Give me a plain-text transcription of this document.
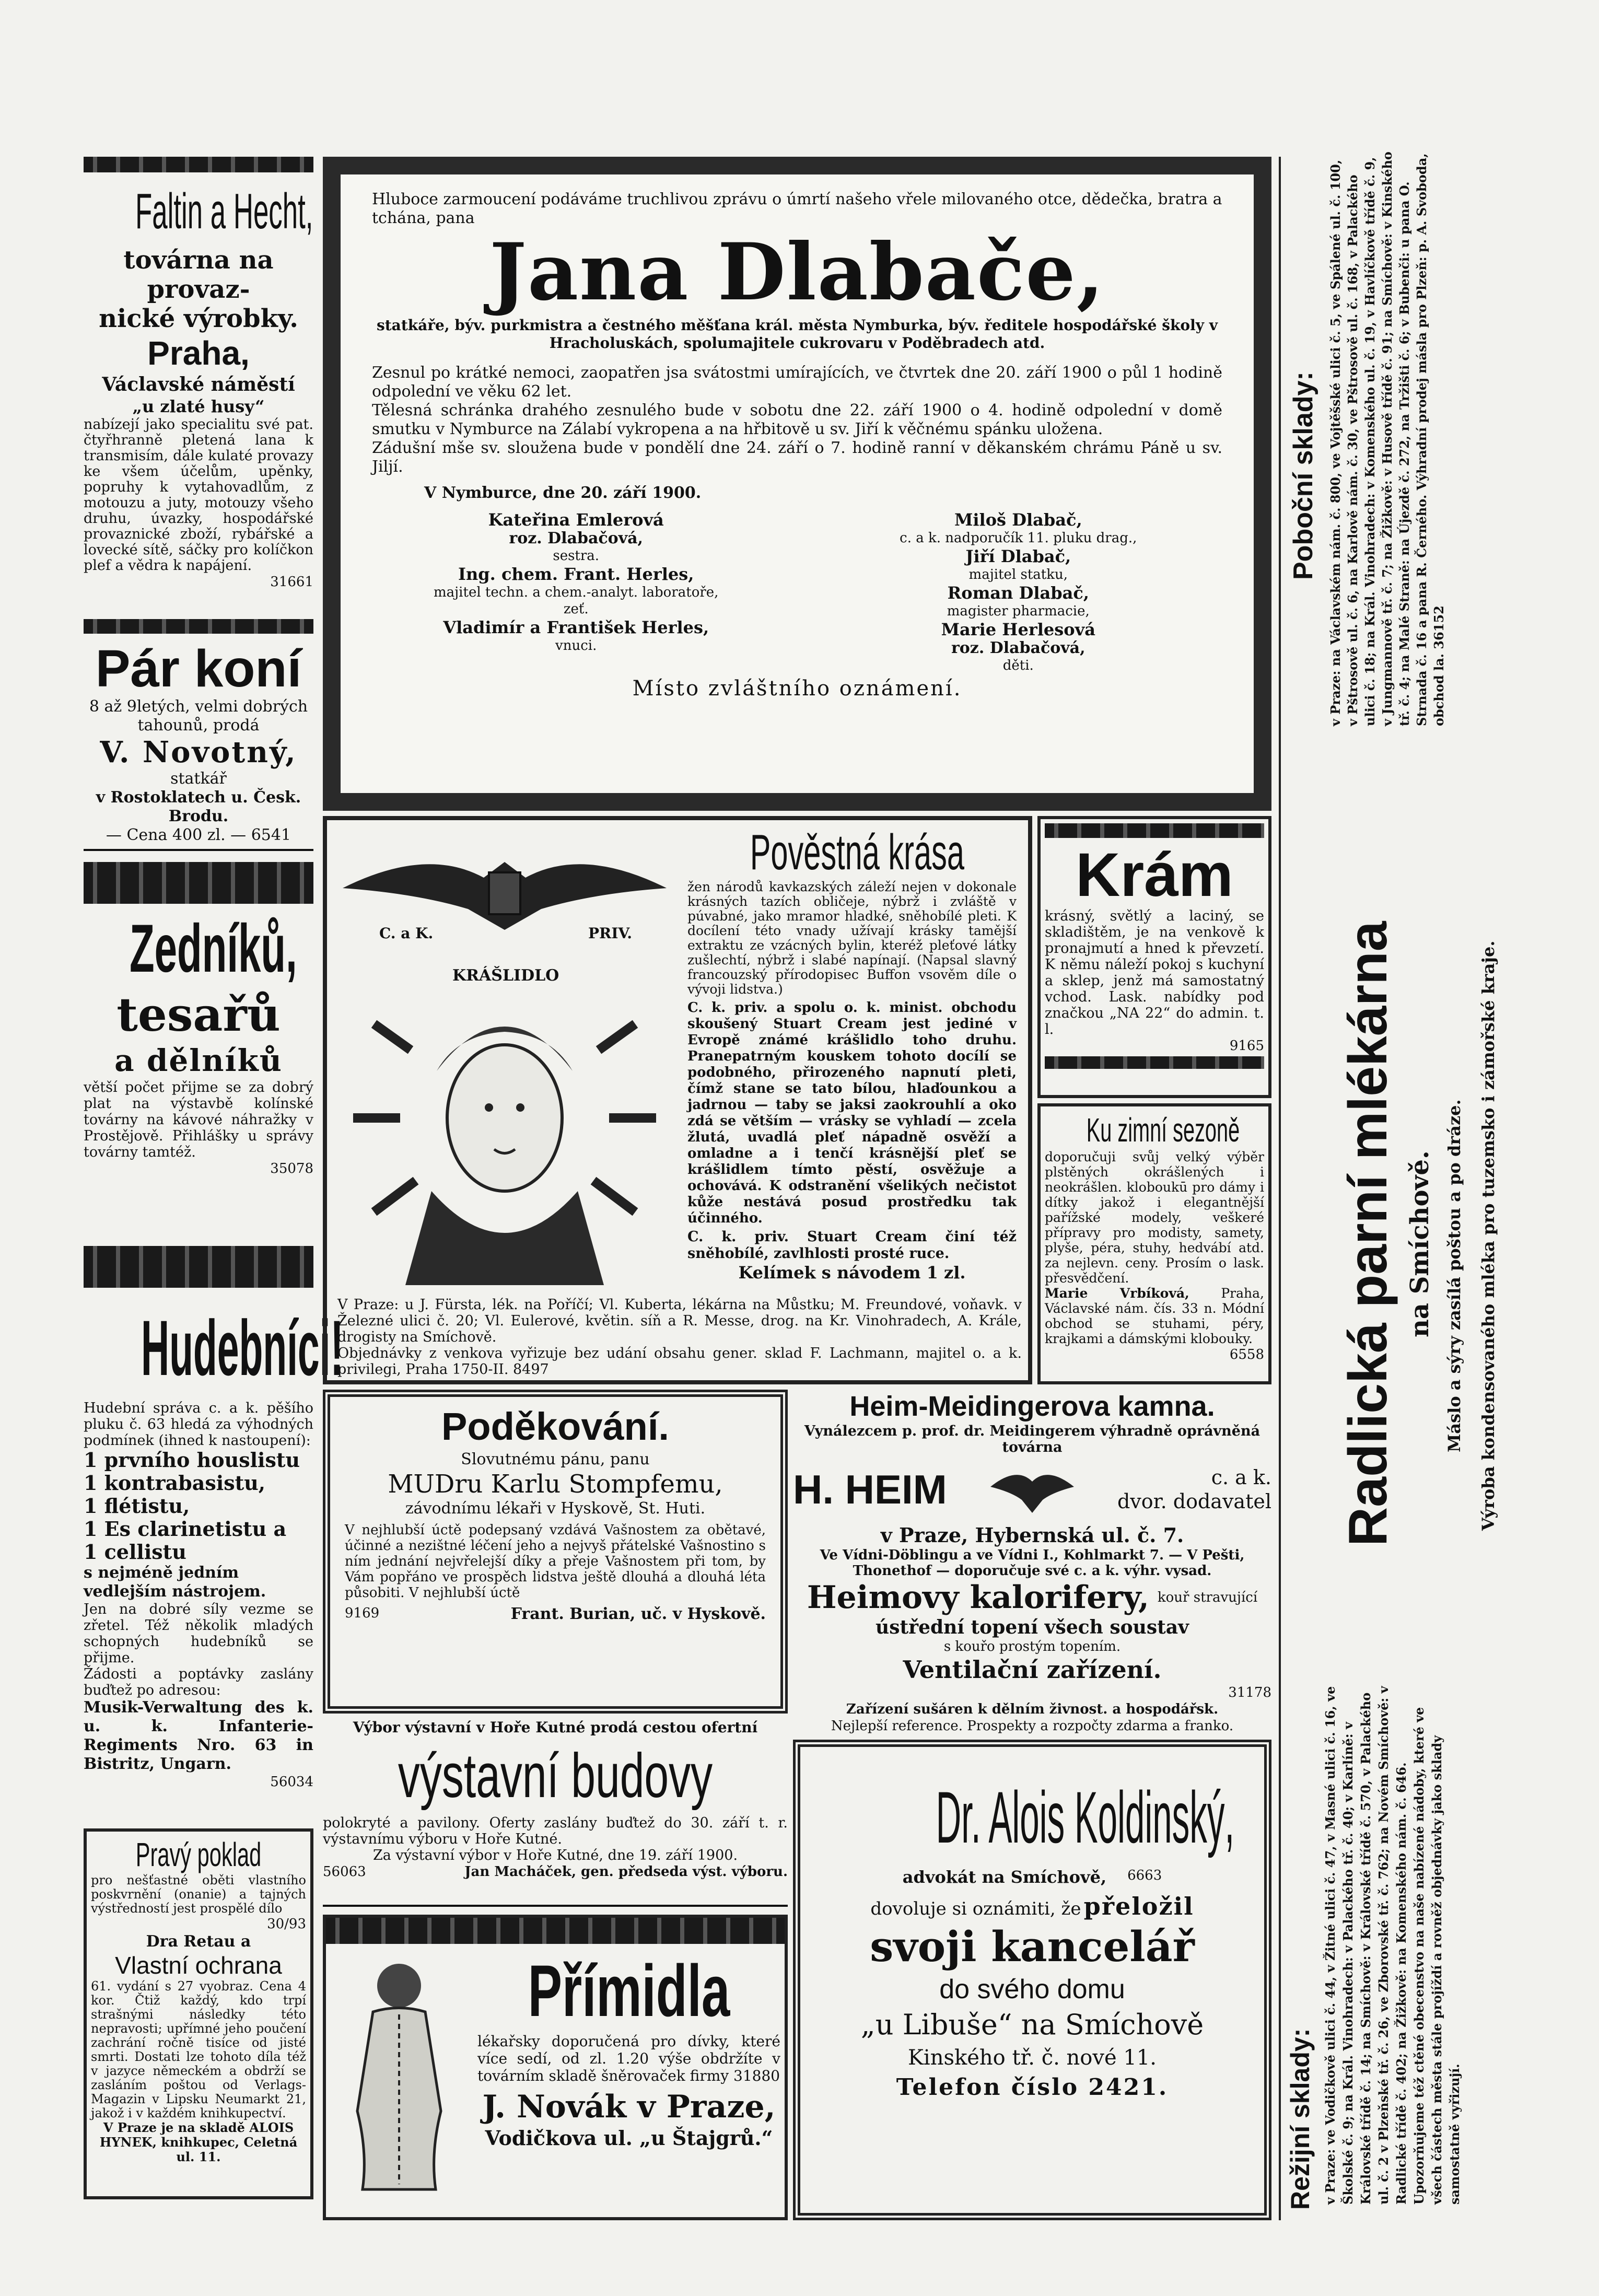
Faltin a Hecht,
továrna na provaz-
nické výrobky.
Praha,
Václavské náměstí
„u zlaté husy“
nabízejí jako specialitu své pat. čtyřhranně pletená lana k transmisím, dále kulaté provazy ke všem účelům, upěnky, popruhy k vytahovadlům, z motouzu a juty, motouzy všeho druhu, úvazky, hospodářské provaznické zboží, rybářské a lovecké sítě, sáčky pro kolíčkon plef a vědra k napájení.
31661
Pár koní
8 až 9letých, velmi dobrých tahounů, prodá
V. Novotný,
statkář
v Rostoklatech u. Česk. Brodu.
— Cena 400 zl. — 6541
Zedníků,
tesařů
a dělníků
větší počet přijme se za dobrý plat na výstavbě kolínské továrny na kávové náhražky v Prostějově. Přihlášky u správy továrny tamtéž.
35078
Hudebníci!
Hudební správa c. a k. pěšího pluku č. 63 hledá za výhodných podmínek (ihned k nastoupení):
1 prvního houslistu
1 kontrabasistu,
1 flétistu,
1 Es clarinetistu a
1 cellistu
s nejméně jedním vedlejším nástrojem.
Jen na dobré síly vezme se zřetel. Též několik mladých schopných hudebníků se přijme.
Žádosti a poptávky zaslány buďtež po adresou:
Musik-Verwaltung des k. u. k. Infanterie-Regiments Nro. 63 in Bistritz, Ungarn.
56034
Pravý poklad
pro nešťastné oběti vlastního poskvrnění (onanie) a tajných výstředností jest prospělé dílo
30/93
Dra Retau a
Vlastní ochrana
61. vydání s 27 vyobraz. Cena 4 kor. Čtiž každý, kdo trpí strašnými následky této nepravosti; upřímné jeho poučení zachrání ročně tisíce od jisté smrti. Dostati lze tohoto díla též v jazyce německém a obdrží se zasláním poštou od Verlags-Magazin v Lipsku Neumarkt 21, jakož i v každém knihkupectví.
V Praze je na skladě ALOIS HYNEK, knihkupec, Celetná ul. 11.
Hluboce zarmoucení podáváme truchlivou zprávu o úmrtí našeho vřele milovaného otce, dědečka, bratra a tchána, pana
Jana Dlabače,
statkáře, býv. purkmistra a čestného měšťana král. města Nymburka, býv. ředitele hospodářské školy v Hracholuskách, spolumajitele cukrovaru v Poděbradech atd.
Zesnul po krátké nemoci, zaopatřen jsa svátostmi umírajících, ve čtvrtek dne 20. září 1900 o půl 1 hodině odpolední ve věku 62 let.
Tělesná schránka drahého zesnulého bude v sobotu dne 22. září 1900 o 4. hodině odpolední v domě smutku v Nymburce na Zálabí vykropena a na hřbitově u sv. Jiří k věčnému spánku uložena.
Zádušní mše sv. sloužena bude v pondělí dne 24. září o 7. hodině ranní v děkanském chrámu Páně u sv. Jiljí.
V Nymburce, dne 20. září 1900.
Kateřina Emlerová
roz. Dlabačová,
sestra.
Ing. chem. Frant. Herles,
majitel techn. a chem.-analyt. laboratoře,
zeť.
Vladimír a František Herles,
vnuci.
Miloš Dlabač,
c. a k. nadporučík 11. pluku drag.,
Jiří Dlabač,
majitel statku,
Roman Dlabač,
magister pharmacie,
Marie Herlesová
roz. Dlabačová,
děti.
Místo zvláštního oznámení.
C. a K.	PRIV.
KRÁŠLIDLO
Pověstná krása
žen národů kavkazských záleží nejen v dokonale krásných tazích obličeje, nýbrž i zvláště v púvabné, jako mramor hladké, sněhobílé pleti. K docílení této vnady užívají krásky tamější extraktu ze vzácných bylin, kteréž pleťové látky zušlechtí, nýbrž i slabé napínají. (Napsal slavný francouzský přírodopisec Buffon vsověm díle o vývoji lidstva.)
C. k. priv. a spolu o. k. minist. obchodu skoušený Stuart Cream jest jediné v Evropě známé krášlidlo toho druhu. Pranepatrným kouskem tohoto docílí se podobného, přirozeného napnutí pleti, čímž stane se tato bílou, hlaďounkou a jadrnou — taby se jaksi zaokrouhlí a oko zdá se větším — vrásky se vyhladí — zcela žlutá, uvadlá pleť nápadně osvěží a omladne a i tenčí krásnější pleť se krášlidlem tímto pěstí, osvěžuje a ochovává. K odstranění všelikých nečistot kůže nestává posud prostředku tak účinného.
C. k. priv. Stuart Cream činí též sněhobílé, zavlhlosti prosté ruce.
Kelímek s návodem 1 zl.
V Praze: u J. Fürsta, lék. na Poříčí; Vl. Kuberta, lékárna na Můstku; M. Freundové, voňavk. v Železné ulici č. 20; Vl. Eulerové, květin. síň a R. Messe, drog. na Kr. Vinohradech, A. Krále, drogisty na Smíchově.
Objednávky z venkova vyřizuje bez udání obsahu gener. sklad F. Lachmann, majitel o. a k. privilegi, Praha 1750-II. 8497
Krám
krásný, světlý a laciný, se skladištěm, je na venkově k pronajmutí a hned k převzetí. K němu náleží pokoj s kuchyní a sklep, jenž má samostatný vchod. Lask. nabídky pod značkou „NA 22“ do admin. t. l.
9165
Ku zimní sezoně
doporučuji svůj velký výběr plstěných okrášlených i neokrášlen. kloboukū pro dámy i dítky jakož i elegantnější pařížské modely, veškeré přípravy pro modisty, samety, plyše, péra, stuhy, hedvábí atd. za nejlevn. ceny. Prosím o lask. přesvědčení.
Marie Vrbíková, Praha, Václavské nám. čís. 33 n. Módní obchod se stuhami, péry, krajkami a dámskými klobouky.
6558
Poděkování.
Slovutnému pánu, panu
MUDru Karlu Stompfemu,
závodnímu lékaři v Hyskově, St. Huti.
V nejhlubší úctě podepsaný vzdává Vašnostem za obětavé, účinné a nezištné léčení jeho a nejvyš přátelské Vašnostino s ním jednání nejvřelejší díky a přeje Vašnostem při tom, by Vám popřáno ve prospěch lidstva ještě dlouhá a dlouhá léta působiti. V nejhlubší úctě
9169	Frant. Burian, uč. v Hyskově.
Výbor výstavní v Hoře Kutné prodá cestou ofertní
výstavní budovy
polokryté a pavilony. Oferty zaslány buďtež do 30. září t. r. výstavnímu výboru v Hoře Kutné.
Za výstavní výbor v Hoře Kutné, dne 19. září 1900.
56063	Jan Macháček, gen. předseda výst. výboru.
Přímidla
lékařsky doporučená pro dívky, které více sedí, od zl. 1.20 výše obdržíte v továrním skladě šněrovaček firmy 31880
J. Novák v Praze,
Vodičkova ul. „u Štajgrů.“
Heim-Meidingerova kamna.
Vynálezcem p. prof. dr. Meidingerem výhradně oprávněná továrna
H. HEIM	c. a k.
dvor. dodavatel
v Praze, Hybernská ul. č. 7.
Ve Vídni-Döblingu a ve Vídni I., Kohlmarkt 7. — V Pešti, Thonethof — doporučuje své c. a k. výhr. vysad.
Heimovy kalorifery, kouř stravující
ústřední topení všech soustav
s kouřo prostým topením.
Ventilační zařízení.
31178
Zařízení sušáren k dělním živnost. a hospodářsk.
Nejlepší reference. Prospekty a rozpočty zdarma a franko.
Dr. Alois Koldinský,
advokát na Smíchově, 6663
dovoluje si oznámiti, že přeložil
svoji kancelář
do svého domu
„u Libuše“ na Smíchově
Kinského tř. č. nové 11.
Telefon číslo 2421.
Poboční sklady: v Praze: na Václavském nám. č. 800, ve Vojtěšské ulici č. 5, ve Spálené ul. č. 100, v Pštrosově ul. č. 6, na Karlově nám. č. 30, ve Pštrosově ul. č. 168, v Palackého ulici č. 18; na Král. Vinohradech: v Komenského ul. č. 19, v Havlíčkově třídě č. 9, v Jungmannově tř. č. 7; na Žižkově: v Husově třídě č. 91; na Smíchově: v Kinského tř. č. 4; na Malé Straně: na Újezdě č. 272, na Tržišti č. 6; v Bubenči: u pana O. Strnada č. 16 a pana R. Černého. Výhradní prodej másla pro Plzeň: p. A. Svoboda, obchod la. 36152
Radlická parní mlékárna na Smíchově. Máslo a sýry zasílá poštou a po dráze. Výroba kondensovaného mléka pro tuzemsko i zámořské kraje.
Režijní sklady: v Praze: ve Vodičkově ulici č. 44, v Žitné ulici č. 47, v Masné ulici č. 16, ve Školské č. 9; na Král. Vinohradech: v Palackého tř. č. 40; v Karlíně: v Královské třídě č. 14; na Smíchově: v Královské třídě č. 570, v Palackého ul. č. 2 v Plzeňské tř. č. 26, ve Zborovské tř. č. 762; na Novém Smíchově: v Radlické třídě č. 402; na Žižkově: na Komenského nám. č. 646. Upozorňujeme též ctěné obecenstvo na naše nabízené nádoby, které ve všech částech města stále projíždí a rovněž objednávky jako sklady samostatně vyřizují.
